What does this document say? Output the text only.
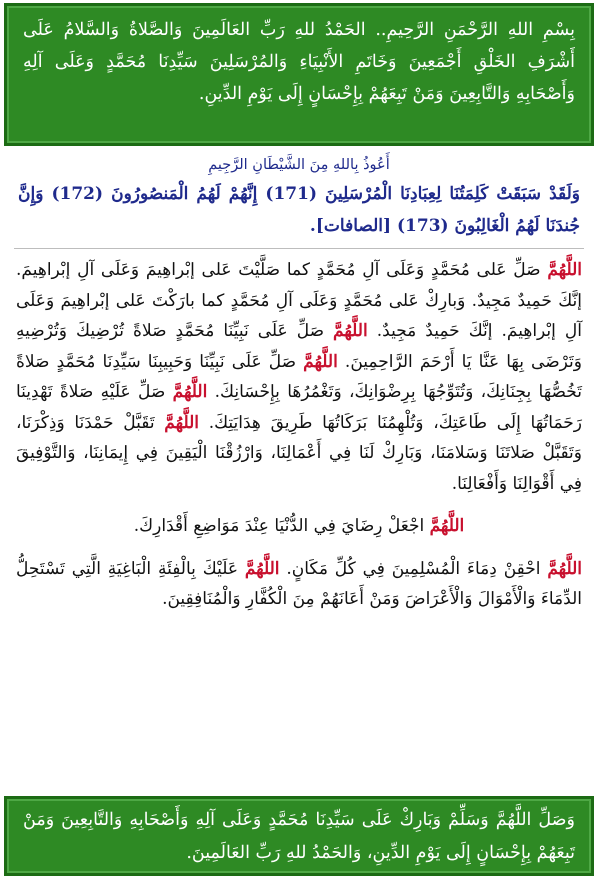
بِسْمِ اللهِ الرَّحْمَنِ الرَّحِيمِ.. الحَمْدُ للهِ رَبِّ العَالَمِينَ وَالصَّلاةُ وَالسَّلامُ عَلَى أَشْرَفِ الخَلْقِ أَجْمَعِينَ وَخَاتَمِ الأَنْبِيَاءِ وَالمُرْسَلِينَ سَيِّدِنَا مُحَمَّدٍ وَعَلَى آلِهِ وَأَصْحَابِهِ وَالتَّابِعِينَ وَمَنْ تَبِعَهُمْ بِإِحْسَانٍ إِلَى يَوْمِ الدِّينِ.

أَعُوذُ بِاللهِ مِنَ الشَّيْطَانِ الرَّجِيمِ
وَلَقَدْ سَبَقَتْ كَلِمَتُنَا لِعِبَادِنَا الْمُرْسَلِينَ (171) إِنَّهُمْ لَهُمُ الْمَنصُورُونَ (172) وَإِنَّ جُندَنَا لَهُمُ الْغَالِبُونَ (173) [الصافات].

اللَّهُمَّ صَلِّ عَلى مُحَمَّدٍ وَعَلَى آلِ مُحَمَّدٍ كما صَلَّيْتَ عَلى إبْراهِيمَ وَعَلَى آلِ إبْراهِيمَ. إنَّكَ حَمِيدٌ مَجِيدٌ. وَبارِكْ عَلى مُحَمَّدٍ وَعَلَى آلِ مُحَمَّدٍ كما بارَكْتَ عَلى إبْراهِيمَ وَعَلَى آلِ إبْراهِيمَ. إنَّكَ حَمِيدٌ مَجِيدٌ. اللَّهُمَّ صَلِّ عَلَى نَبِيِّنَا مُحَمَّدٍ صَلاةً تُرْضِيكَ وَتُرْضِيهِ وَتَرْضَى بِهَا عَنَّا يَا أَرْحَمَ الرَّاحِمِينَ. اللَّهُمَّ صَلِّ عَلَى نَبِيِّنَا وَحَبِيبِنَا سَيِّدِنَا مُحَمَّدٍ صَلاةً تَخُصُّهَا بِجِنَانِكَ، وَتُتَوِّجُهَا بِرِضْوَانِكَ، وَتَغْمُرُهَا بِإِحْسَانِكَ. اللَّهُمَّ صَلِّ عَلَيْهِ صَلاةً تَهْدِينَا رَحَمَاتُهَا إِلَى طَاعَتِكَ، وَتُلْهِمُنَا بَرَكَاتُهَا طَرِيقَ هِدَايَتِكَ. اللَّهُمَّ تَقَبَّلْ حَمْدَنَا وَذِكْرَنَا، وَتَقَبَّلْ صَلاتَنَا وَسَلامَنَا، وَبَارِكْ لَنَا فِي أَعْمَالِنَا، وَارْزُقْنَا الْيَقِينَ فِي إِيمَانِنَا، وَالتَّوْفِيقَ فِي أَقْوَالِنَا وَأَفْعَالِنَا.

اللَّهُمَّ اجْعَلْ رِضَايَ فِي الدُّنْيَا عِنْدَ مَوَاضِعِ أَقْدَارِكَ.

اللَّهُمَّ احْقِنْ دِمَاءَ الْمُسْلِمِينَ فِي كُلِّ مَكَانٍ. اللَّهُمَّ عَلَيْكَ بِالْفِئَةِ الْبَاغِيَةِ الَّتِي تَسْتَحِلُّ الدِّمَاءَ وَالْأَمْوَالَ وَالْأَعْرَاضَ وَمَنْ أَعَانَهُمْ مِنَ الْكُفَّارِ وَالْمُنَافِقِينَ.

وَصَلِّ اللَّهُمَّ وَسَلِّمْ وَبَارِكْ عَلَى سَيِّدِنَا مُحَمَّدٍ وَعَلَى آلِهِ وَأَصْحَابِهِ وَالتَّابِعِينَ وَمَنْ تَبِعَهُمْ بِإِحْسَانٍ إِلَى يَوْمِ الدِّينِ، وَالحَمْدُ للهِ رَبِّ العَالَمِينَ.
